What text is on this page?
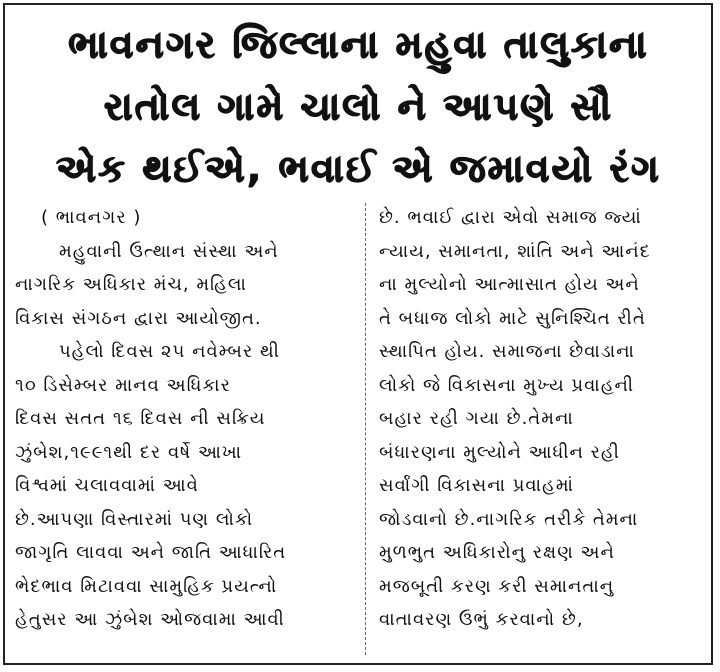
ભાવનગર જિલ્લાના મહુવા તાલુકાના
રાતોલ ગામે ચાલો ને આપણે સૌ
એક થઈએ, ભવાઈ એ જમાવયો રંગ
( ભાવનગર )
મહુવાની ઉત્થાન સંસ્થા અને
નાગરિક અધિકાર મંચ, મહિલા
વિકાસ સંગઠન દ્વારા આયોજીત.
પહેલો દિવસ ૨૫ નવેમ્બર થી
૧૦ ડિસેમ્બર માનવ અધિકાર
દિવસ સતત ૧૬ દિવસ ની સક્રિય
ઝુંબેશ,૧૯૯૧થી દર વર્ષે આખા
વિશ્વમાં ચલાવવામાં આવે
છે.આપણા વિસ્તારમાં પણ લોકો
જાગૃતિ લાવવા અને જાતિ આધારિત
ભેદભાવ મિટાવવા સામુહિક પ્રયત્નો
હેતુસર આ ઝુંબેશ ઓજવામા આવી
છે. ભવાઈ દ્વારા એવો સમાજ જ્યાં
ન્યાય, સમાનતા, શાંતિ અને આનંદ
ના મુલ્યોનો આત્માસાત હોય અને
તે બધાજ લોકો માટે સુનિશ્ચિત રીતે
સ્થાપિત હોય. સમાજના છેવાડાના
લોકો જે વિકાસના મુખ્ય પ્રવાહની
બહાર રહી ગયા છે.તેમના
બંધારણના મુલ્યોને આધીન રહી
સર્વાંગી વિકાસના પ્રવાહમાં
જોડવાનો છે.નાગરિક તરીકે તેમના
મુળભુત અધિકારોનુ રક્ષણ અને
મજબૂતી કરણ કરી સમાનતાનુ
વાતાવરણ ઉભું કરવાનો છે,
